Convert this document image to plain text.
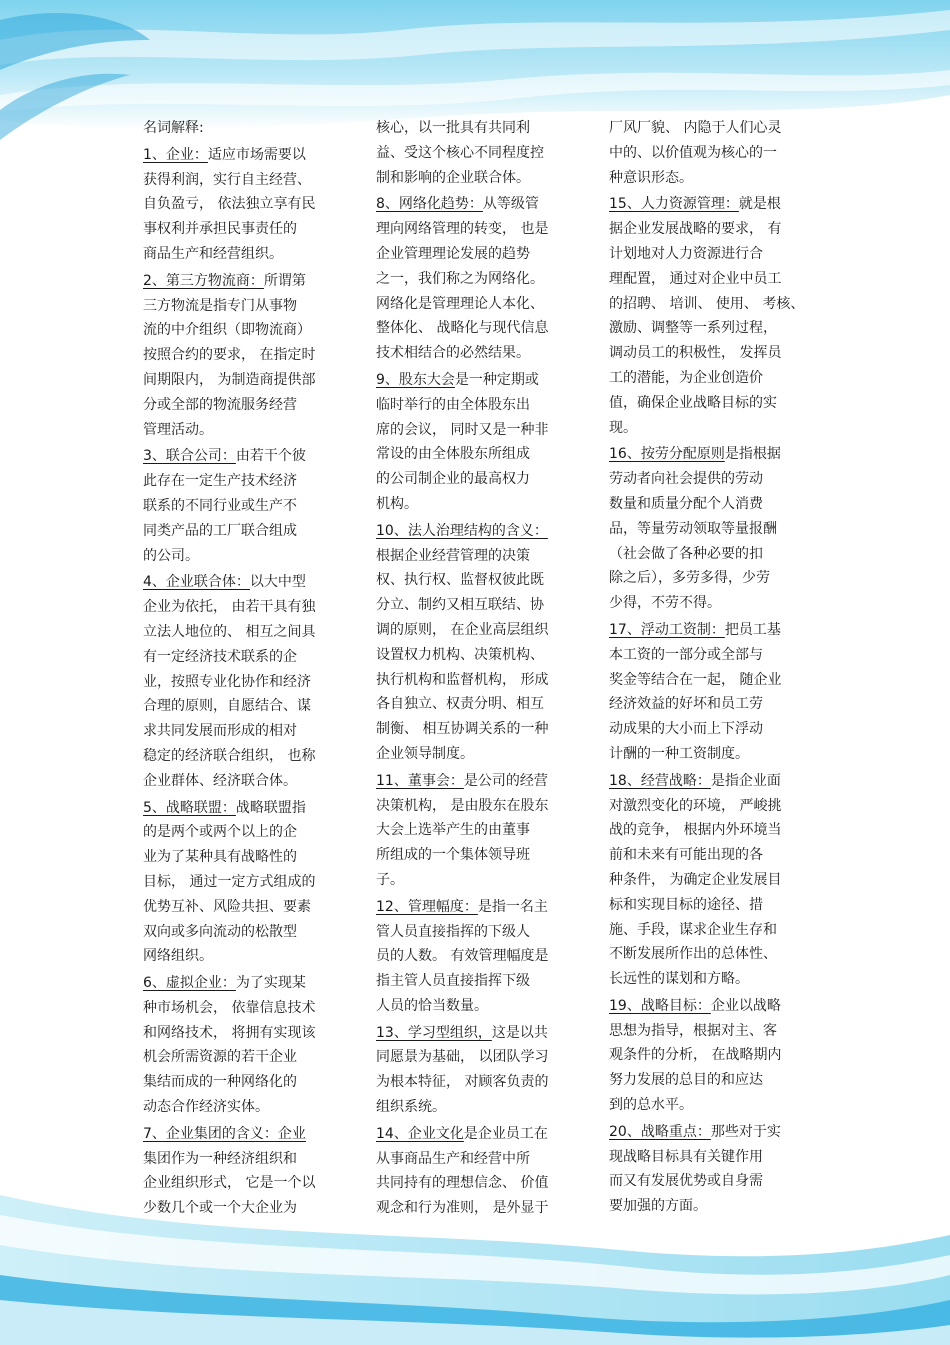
名词解释:
1、企业：适应市场需要以
获得利润，实行自主经营、
自负盈亏， 依法独立享有民
事权利并承担民事责任的
商品生产和经营组织。
2、第三方物流商：所谓第
三方物流是指专门从事物
流的中介组织（即物流商）
按照合约的要求， 在指定时
间期限内， 为制造商提供部
分或全部的物流服务经营
管理活动。
3、联合公司：由若干个彼
此存在一定生产技术经济
联系的不同行业或生产不
同类产品的工厂联合组成
的公司。
4、企业联合体：以大中型
企业为依托， 由若干具有独
立法人地位的、 相互之间具
有一定经济技术联系的企
业，按照专业化协作和经济
合理的原则，自愿结合、谋
求共同发展而形成的相对
稳定的经济联合组织， 也称
企业群体、经济联合体。
5、战略联盟：战略联盟指
的是两个或两个以上的企
业为了某种具有战略性的
目标， 通过一定方式组成的
优势互补、风险共担、要素
双向或多向流动的松散型
网络组织。
6、虚拟企业：为了实现某
种市场机会， 依靠信息技术
和网络技术， 将拥有实现该
机会所需资源的若干企业
集结而成的一种网络化的
动态合作经济实体。
7、企业集团的含义：企业
集团作为一种经济组织和
企业组织形式， 它是一个以
少数几个或一个大企业为
核心，以一批具有共同利
益、受这个核心不同程度控
制和影响的企业联合体。
8、网络化趋势：从等级管
理向网络管理的转变， 也是
企业管理理论发展的趋势
之一，我们称之为网络化。
网络化是管理理论人本化、
整体化、 战略化与现代信息
技术相结合的必然结果。
9、股东大会是一种定期或
临时举行的由全体股东出
席的会议， 同时又是一种非
常设的由全体股东所组成
的公司制企业的最高权力
机构。
10、法人治理结构的含义：
根据企业经营管理的决策
权、执行权、监督权彼此既
分立、制约又相互联结、协
调的原则， 在企业高层组织
设置权力机构、决策机构、
执行机构和监督机构， 形成
各自独立、权责分明、相互
制衡、 相互协调关系的一种
企业领导制度。
11、董事会：是公司的经营
决策机构， 是由股东在股东
大会上选举产生的由董事
所组成的一个集体领导班
子。
12、管理幅度：是指一名主
管人员直接指挥的下级人
员的人数。 有效管理幅度是
指主管人员直接指挥下级
人员的恰当数量。
13、学习型组织，这是以共
同愿景为基础， 以团队学习
为根本特征， 对顾客负责的
组织系统。
14、企业文化是企业员工在
从事商品生产和经营中所
共同持有的理想信念、 价值
观念和行为准则， 是外显于
厂风厂貌、 内隐于人们心灵
中的、以价值观为核心的一
种意识形态。
15、人力资源管理：就是根
据企业发展战略的要求， 有
计划地对人力资源进行合
理配置， 通过对企业中员工
的招聘、 培训、 使用、 考核、
激励、调整等一系列过程，
调动员工的积极性， 发挥员
工的潜能，为企业创造价
值，确保企业战略目标的实
现。
16、按劳分配原则是指根据
劳动者向社会提供的劳动
数量和质量分配个人消费
品，等量劳动领取等量报酬
（社会做了各种必要的扣
除之后），多劳多得，少劳
少得，不劳不得。
17、浮动工资制：把员工基
本工资的一部分或全部与
奖金等结合在一起， 随企业
经济效益的好坏和员工劳
动成果的大小而上下浮动
计酬的一种工资制度。
18、经营战略：是指企业面
对激烈变化的环境， 严峻挑
战的竞争， 根据内外环境当
前和未来有可能出现的各
种条件， 为确定企业发展目
标和实现目标的途径、措
施、手段，谋求企业生存和
不断发展所作出的总体性、
长远性的谋划和方略。
19、战略目标：企业以战略
思想为指导，根据对主、客
观条件的分析， 在战略期内
努力发展的总目的和应达
到的总水平。
20、战略重点：那些对于实
现战略目标具有关键作用
而又有发展优势或自身需
要加强的方面。
